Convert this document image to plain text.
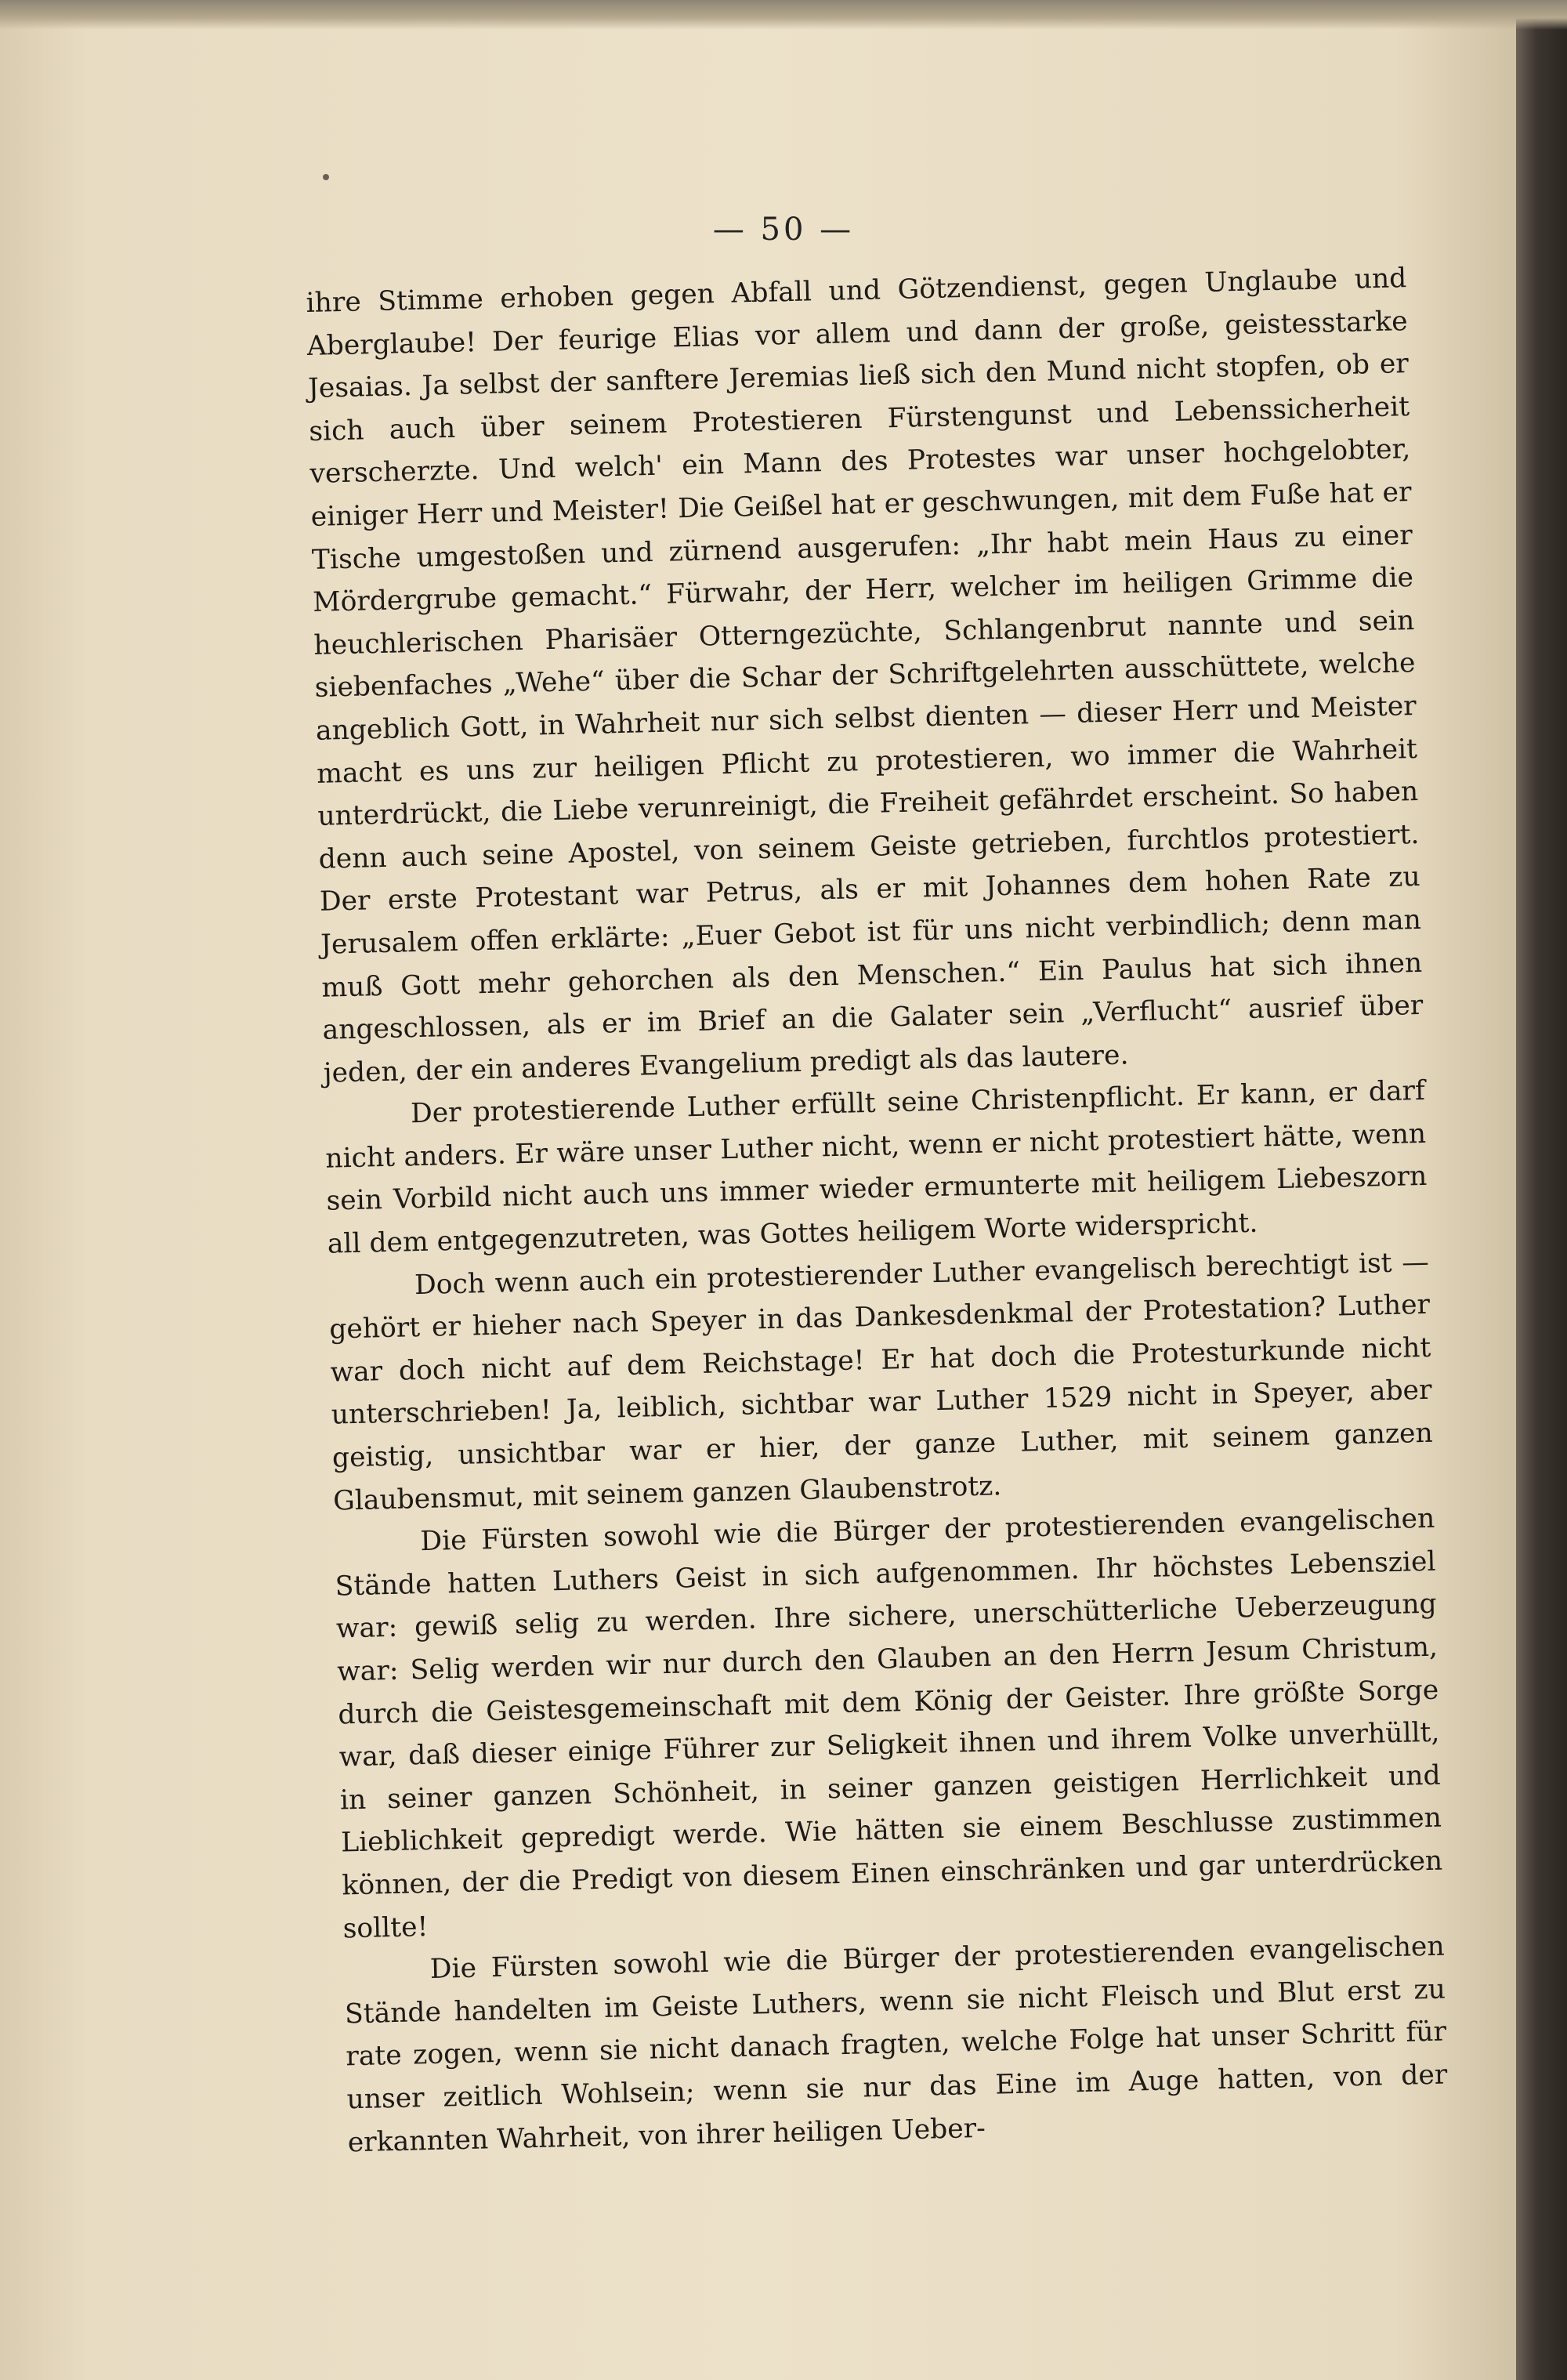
— 50 —

ihre Stimme erhoben gegen Abfall und Götzendienst, gegen Unglaube und Aberglaube! Der feurige Elias vor allem und dann der große, geistesstarke Jesaias. Ja selbst der sanftere Jeremias ließ sich den Mund nicht stopfen, ob er sich auch über seinem Protestieren Fürstengunst und Lebenssicherheit verscherzte. Und welch' ein Mann des Protestes war unser hochgelobter, einiger Herr und Meister! Die Geißel hat er geschwungen, mit dem Fuße hat er Tische umgestoßen und zürnend ausgerufen: „Ihr habt mein Haus zu einer Mördergrube gemacht.“ Fürwahr, der Herr, welcher im heiligen Grimme die heuchlerischen Pharisäer Otterngezüchte, Schlangenbrut nannte und sein siebenfaches „Wehe“ über die Schar der Schriftgelehrten ausschüttete, welche angeblich Gott, in Wahrheit nur sich selbst dienten — dieser Herr und Meister macht es uns zur heiligen Pflicht zu protestieren, wo immer die Wahrheit unterdrückt, die Liebe verunreinigt, die Freiheit gefährdet erscheint. So haben denn auch seine Apostel, von seinem Geiste getrieben, furchtlos protestiert. Der erste Protestant war Petrus, als er mit Johannes dem hohen Rate zu Jerusalem offen erklärte: „Euer Gebot ist für uns nicht verbindlich; denn man muß Gott mehr gehorchen als den Menschen.“ Ein Paulus hat sich ihnen angeschlossen, als er im Brief an die Galater sein „Verflucht“ ausrief über jeden, der ein anderes Evangelium predigt als das lautere.

Der protestierende Luther erfüllt seine Christenpflicht. Er kann, er darf nicht anders. Er wäre unser Luther nicht, wenn er nicht protestiert hätte, wenn sein Vorbild nicht auch uns immer wieder ermunterte mit heiligem Liebeszorn all dem entgegenzutreten, was Gottes heiligem Worte widerspricht.

Doch wenn auch ein protestierender Luther evangelisch berechtigt ist — gehört er hieher nach Speyer in das Dankesdenkmal der Protestation? Luther war doch nicht auf dem Reichstage! Er hat doch die Protesturkunde nicht unterschrieben! Ja, leiblich, sichtbar war Luther 1529 nicht in Speyer, aber geistig, unsichtbar war er hier, der ganze Luther, mit seinem ganzen Glaubensmut, mit seinem ganzen Glaubenstrotz.

Die Fürsten sowohl wie die Bürger der protestierenden evangelischen Stände hatten Luthers Geist in sich aufgenommen. Ihr höchstes Lebensziel war: gewiß selig zu werden. Ihre sichere, unerschütterliche Ueberzeugung war: Selig werden wir nur durch den Glauben an den Herrn Jesum Christum, durch die Geistesgemeinschaft mit dem König der Geister. Ihre größte Sorge war, daß dieser einige Führer zur Seligkeit ihnen und ihrem Volke unverhüllt, in seiner ganzen Schönheit, in seiner ganzen geistigen Herrlichkeit und Lieblichkeit gepredigt werde. Wie hätten sie einem Beschlusse zustimmen können, der die Predigt von diesem Einen einschränken und gar unterdrücken sollte!

Die Fürsten sowohl wie die Bürger der protestierenden evangelischen Stände handelten im Geiste Luthers, wenn sie nicht Fleisch und Blut erst zu rate zogen, wenn sie nicht danach fragten, welche Folge hat unser Schritt für unser zeitlich Wohlsein; wenn sie nur das Eine im Auge hatten, von der erkannten Wahrheit, von ihrer heiligen Ueber-
